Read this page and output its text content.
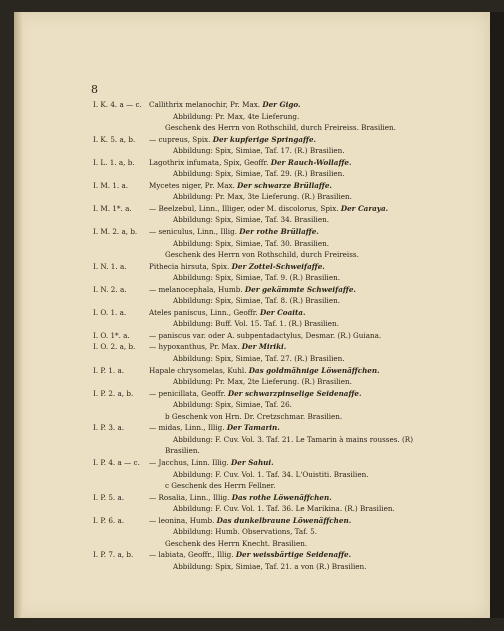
8
I. K. 4. a — c. Callithrix melanochir, Pr. Max. Der Gigo.
Abbildung: Pr. Max, 4te Lieferung.
Geschenk des Herrn von Rothschild, durch Freireiss. Brasilien.
I. K. 5. a, b.	— cupreus, Spix. Der kupferige Springaffe.
Abbildung: Spix, Simiae, Taf. 17. (R.) Brasilien.
I. L. 1. a, b.	Lagothrix infumata, Spix, Geoffr. Der Rauch-Wollaffe.
Abbildung: Spix, Simiae, Taf. 29. (R.) Brasilien.
I. M. 1. a.	Mycetes niger, Pr. Max. Der schwarze Brüllaffe.
Abbildung: Pr. Max, 3te Lieferung. (R.) Brasilien.
I. M. 1*. a.	— Beelzebul, Linn., Illiger, oder M. discolorus, Spix. Der Caraya.
Abbildung: Spix, Simiae, Taf. 34. Brasilien.
I. M. 2. a, b.	— seniculus, Linn., Illig. Der rothe Brüllaffe.
Abbildung: Spix, Simiae, Taf. 30. Brasilien.
Geschenk des Herrn von Rothschild, durch Freireiss.
I. N. 1. a.	Pithecia hirsuta, Spix. Der Zottel-Schweifaffe.
Abbildung: Spix, Simiae, Taf. 9. (R.) Brasilien.
I. N. 2. a.	— melanocephala, Humb. Der gekämmte Schweifaffe.
Abbildung: Spix, Simiae, Taf. 8. (R.) Brasilien.
I. O. 1. a.	Ateles paniscus, Linn., Geoffr. Der Coaita.
Abbildung: Buff. Vol. 15. Taf. 1. (R.) Brasilien.
I. O. 1*. a.	— paniscus var. oder A. subpentadactylus, Desmar. (R.) Guiana.
I. O. 2. a, b.	— hypoxanthus, Pr. Max. Der Miriki.
Abbildung: Spix, Simiae, Taf. 27. (R.) Brasilien.
I. P. 1. a.	Hapale chrysomelas, Kuhl. Das goldmähnige Löwenäffchen.
Abbildung: Pr. Max, 2te Lieferung. (R.) Brasilien.
I. P. 2. a, b.	— penicillata, Geoffr. Der schwarzpinselige Seidenaffe.
Abbildung: Spix, Simiae, Taf. 26.
b Geschenk von Hrn. Dr. Cretzschmar. Brasilien.
I. P. 3. a.	— midas, Linn., Illig. Der Tamarin.
Abbildung: F. Cuv. Vol. 3. Taf. 21. Le Tamarin à mains rousses. (R)
Brasilien.
I. P. 4. a — c.	— Jacchus, Linn. Illig. Der Sahui.
Abbildung: F. Cuv. Vol. 1. Taf. 34. L'Ouistiti. Brasilien.
c Geschenk des Herrn Fellner.
I. P. 5. a.	— Rosalia, Linn., Illig. Das rothe Löwenäffchen.
Abbildung: F. Cuv. Vol. 1. Taf. 36. Le Marikina. (R.) Brasilien.
I. P. 6. a.	— leonina, Humb. Das dunkelbraune Löwenäffchen.
Abbildung: Humb. Observations, Taf. 5.
Geschenk des Herrn Knecht. Brasilien.
I. P. 7. a, b.	— labiata, Geoffr., Illig. Der weissbärtige Seidenaffe.
Abbildung: Spix, Simiae, Taf. 21. a von (R.) Brasilien.
